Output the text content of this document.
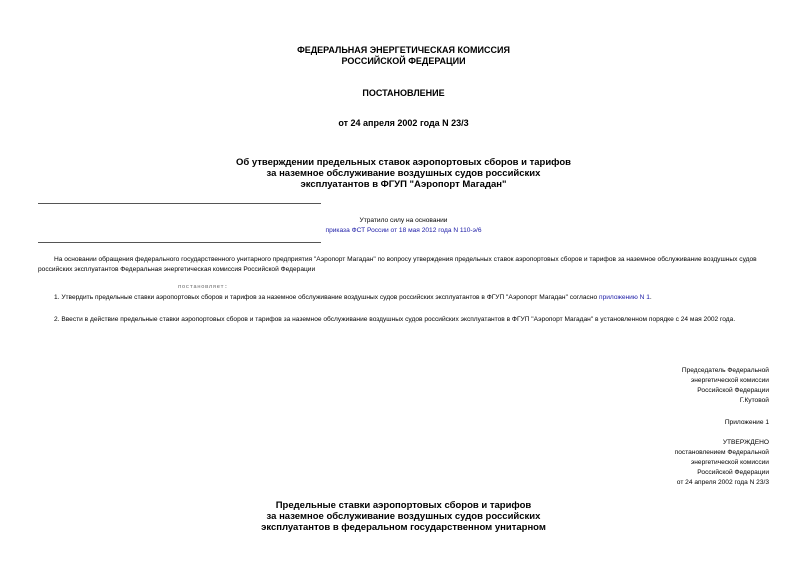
ФЕДЕРАЛЬНАЯ ЭНЕРГЕТИЧЕСКАЯ КОМИССИЯ
РОССИЙСКОЙ ФЕДЕРАЦИИ
ПОСТАНОВЛЕНИЕ
от 24 апреля 2002 года N 23/3
Об утверждении предельных ставок аэропортовых сборов и тарифов
за наземное обслуживание воздушных судов российских
эксплуатантов в ФГУП "Аэропорт Магадан"
Утратило силу на основании
приказа ФСТ России от 18 мая 2012 года N 110-э/6
На основании обращения федерального государственного унитарного предприятия "Аэропорт Магадан" по вопросу утверждения предельных ставок аэропортовых сборов и тарифов за наземное обслуживание воздушных судов российских эксплуатантов Федеральная энергетическая комиссия Российской Федерации
постановляет:
1. Утвердить предельные ставки аэропортовых сборов и тарифов за наземное обслуживание воздушных судов российских эксплуатантов в ФГУП "Аэропорт Магадан" согласно приложению N 1.
2. Ввести в действие предельные ставки аэропортовых сборов и тарифов за наземное обслуживание воздушных судов российских эксплуатантов в ФГУП "Аэропорт Магадан" в установленном порядке с 24 мая 2002 года.
Председатель Федеральной
энергетической комиссии
Российской Федерации
Г.Кутовой
Приложение 1
УТВЕРЖДЕНО
постановлением Федеральной
энергетической комиссии
Российской Федерации
от 24 апреля 2002 года N 23/3
Предельные ставки аэропортовых сборов и тарифов
за наземное обслуживание воздушных судов российских
эксплуатантов в федеральном государственном унитарном
